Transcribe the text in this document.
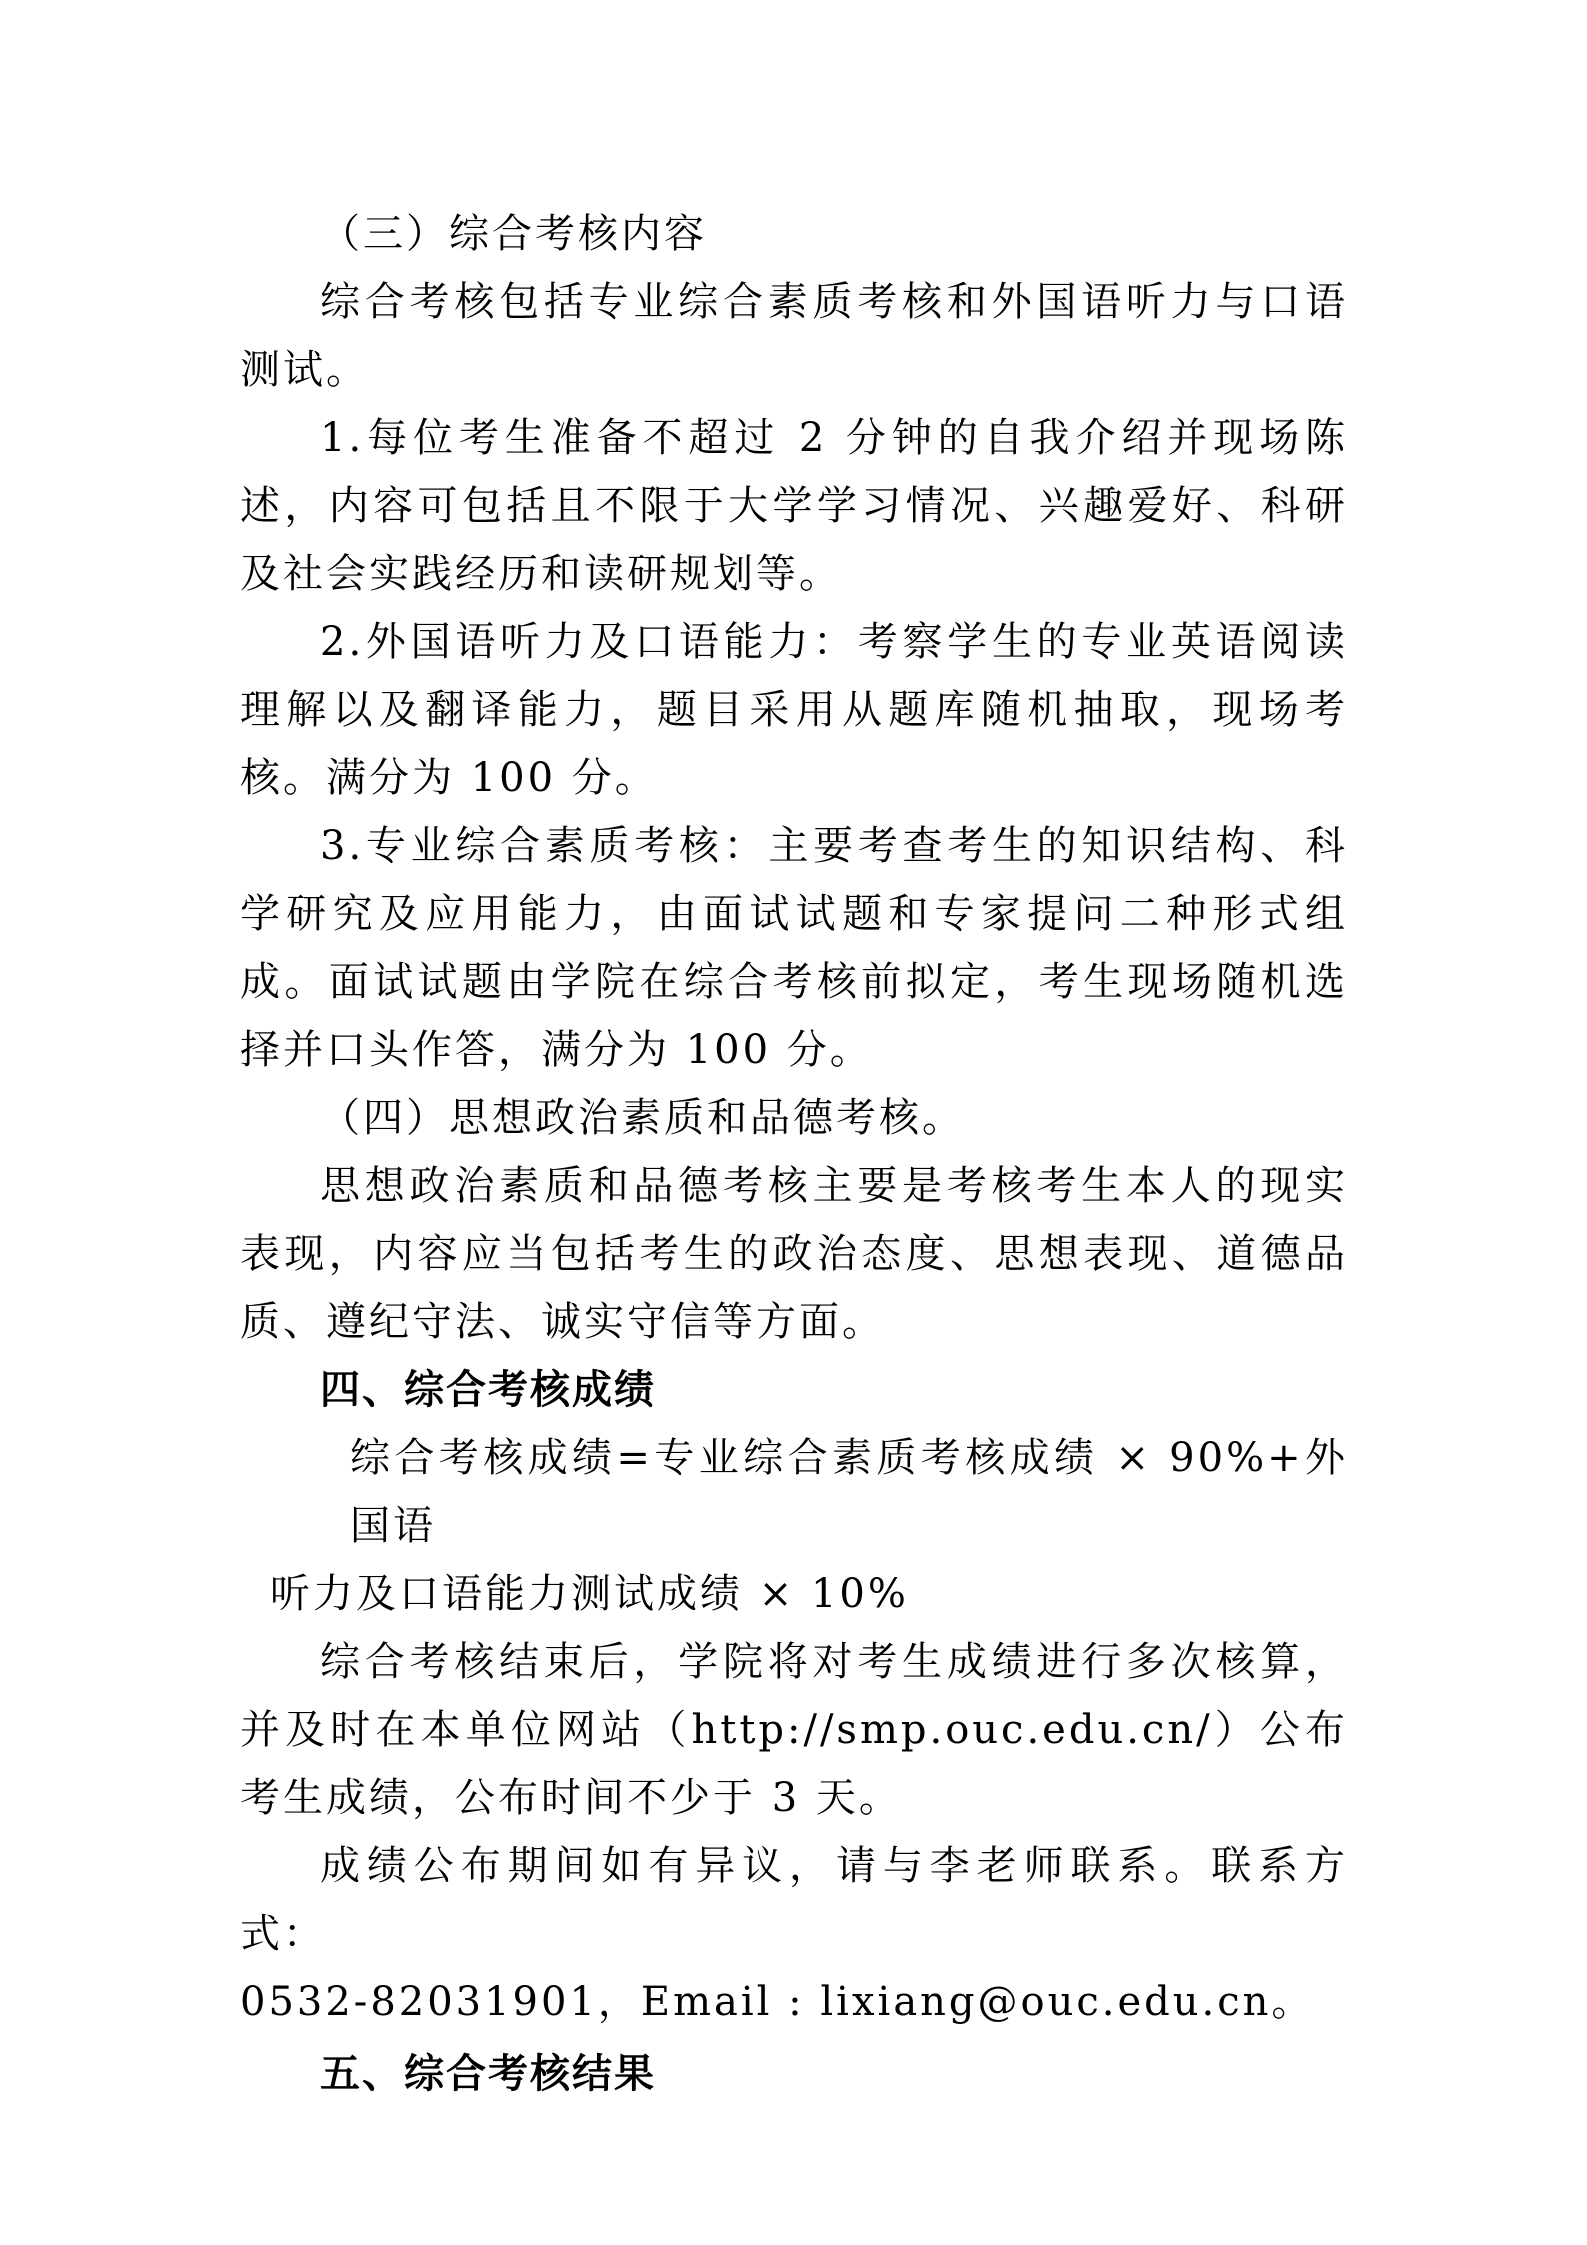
（三）综合考核内容

综合考核包括专业综合素质考核和外国语听力与口语测试。

1.每位考生准备不超过 2 分钟的自我介绍并现场陈述，内容可包括且不限于大学学习情况、兴趣爱好、科研及社会实践经历和读研规划等。

2.外国语听力及口语能力：考察学生的专业英语阅读理解以及翻译能力，题目采用从题库随机抽取，现场考核。满分为 100 分。

3.专业综合素质考核：主要考查考生的知识结构、科学研究及应用能力，由面试试题和专家提问二种形式组成。面试试题由学院在综合考核前拟定，考生现场随机选择并口头作答，满分为 100 分。

（四）思想政治素质和品德考核。

思想政治素质和品德考核主要是考核考生本人的现实表现，内容应当包括考生的政治态度、思想表现、道德品质、遵纪守法、诚实守信等方面。

四、综合考核成绩

综合考核成绩=专业综合素质考核成绩 × 90%+外国语

听力及口语能力测试成绩 × 10%

综合考核结束后，学院将对考生成绩进行多次核算，并及时在本单位网站（http://smp.ouc.edu.cn/）公布考生成绩，公布时间不少于 3 天。

成绩公布期间如有异议，请与李老师联系。联系方式：

0532-82031901，Email : lixiang@ouc.edu.cn。

五、综合考核结果
